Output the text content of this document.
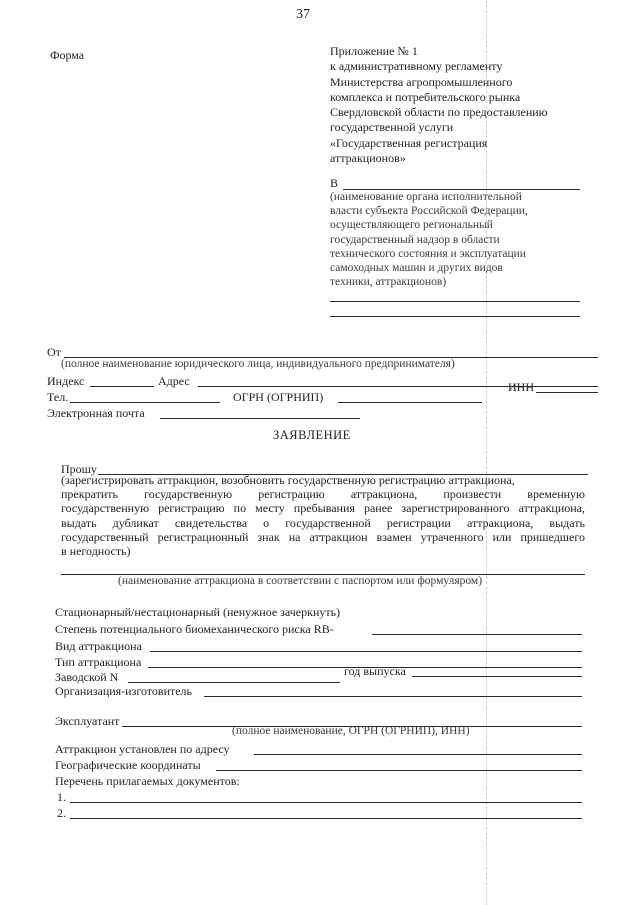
37
Форма	Приложение № 1
к административному регламенту
Министерства агропромышленного
комплекса и потребительского рынка
Свердловской области по предоставлению
государственной услуги
«Государственная регистрация
аттракционов»
В
(наименование органа исполнительной
власти субъекта Российской Федерации,
осуществляющего региональный
государственный надзор в области
технического состояния и эксплуатации
самоходных машин и других видов
техники, аттракционов)
От
(полное наименование юридического лица, индивидуального предпринимателя)
Индекс	Адрес
Тел.	ОГРН (ОГРНИП)
ИНН
Электронная почта
ЗАЯВЛЕНИЕ
Прошу
(зарегистрировать аттракцион, возобновить государственную регистрацию аттракциона,
прекратить государственную регистрацию аттракциона, произвести временную
государственную регистрацию по месту пребывания ранее зарегистрированного аттракциона,
выдать дубликат свидетельства о государственной регистрации аттракциона, выдать
государственный регистрационный знак на аттракцион взамен утраченного или пришедшего
в негодность)
(наименование аттракциона в соответствии с паспортом или формуляром)
Стационарный/нестационарный (ненужное зачеркнуть)
Степень потенциального биомеханического риска RB-
Вид аттракциона
Тип аттракциона
Заводской N	год выпуска
Организация-изготовитель
Эксплуатант
(полное наименование, ОГРН (ОГРНИП), ИНН)
Аттракцион установлен по адресу
Географические координаты
Перечень прилагаемых документов:
1.
2.
